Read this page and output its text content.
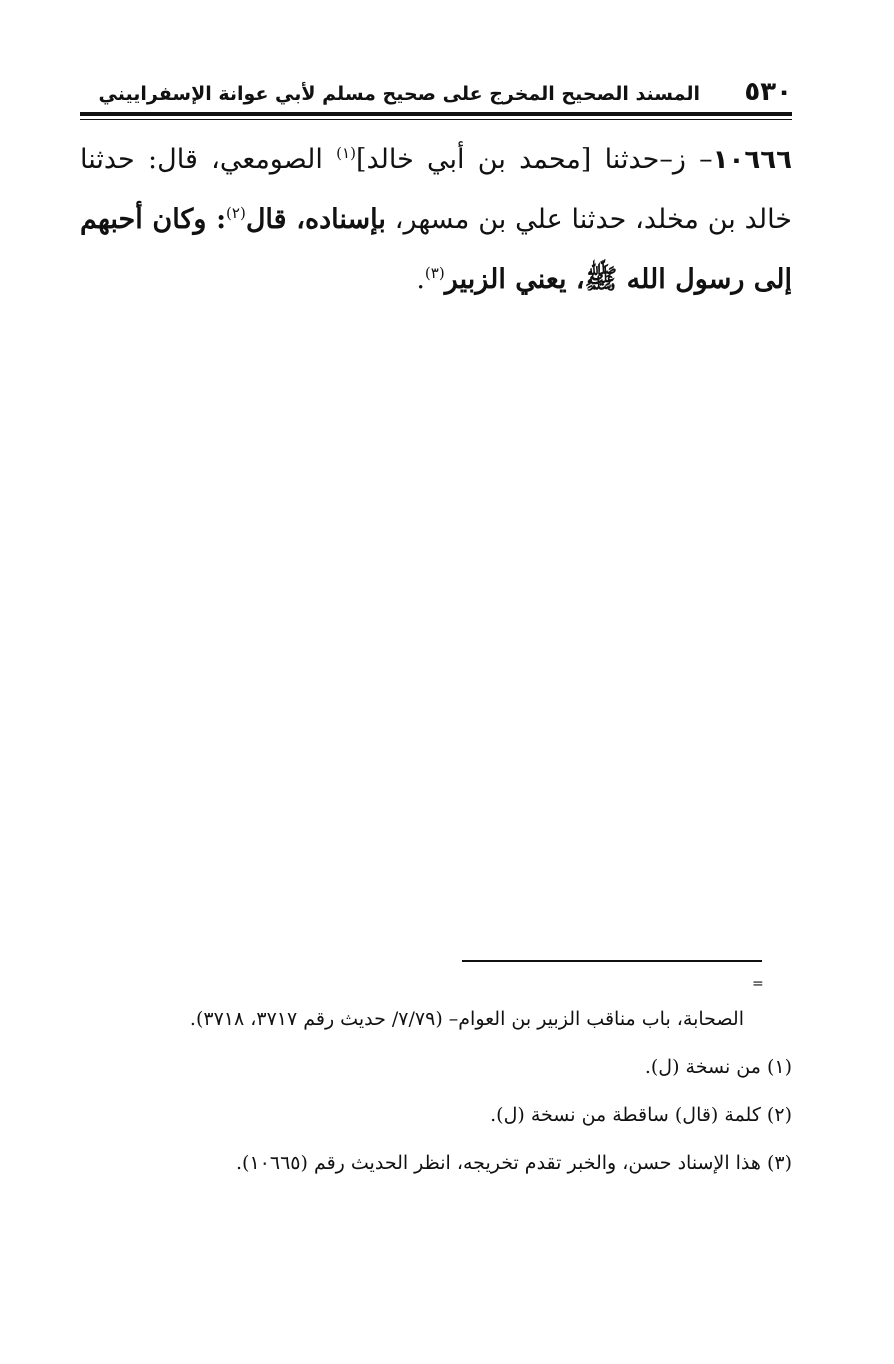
٥٣٠
المسند الصحيح المخرج على صحيح مسلم لأبي عوانة الإسفراييني
١٠٦٦٦– ز–حدثنا [محمد بن أبي خالد]$^{(١)}$ الصومعي، قال: حدثنا خالد بن مخلد، حدثنا علي بن مسهر، بإسناده، قال$^{(٢)}$: وكان أحبهم إلى رسول الله ﷺ، يعني الزبير$^{(٣)}$.
=
الصحابة، باب مناقب الزبير بن العوام– (٧/٧٩/ حديث رقم ٣٧١٧، ٣٧١٨).
(١) من نسخة (ل).
(٢) كلمة (قال) ساقطة من نسخة (ل).
(٣) هذا الإسناد حسن، والخبر تقدم تخريجه، انظر الحديث رقم (١٠٦٦٥).
